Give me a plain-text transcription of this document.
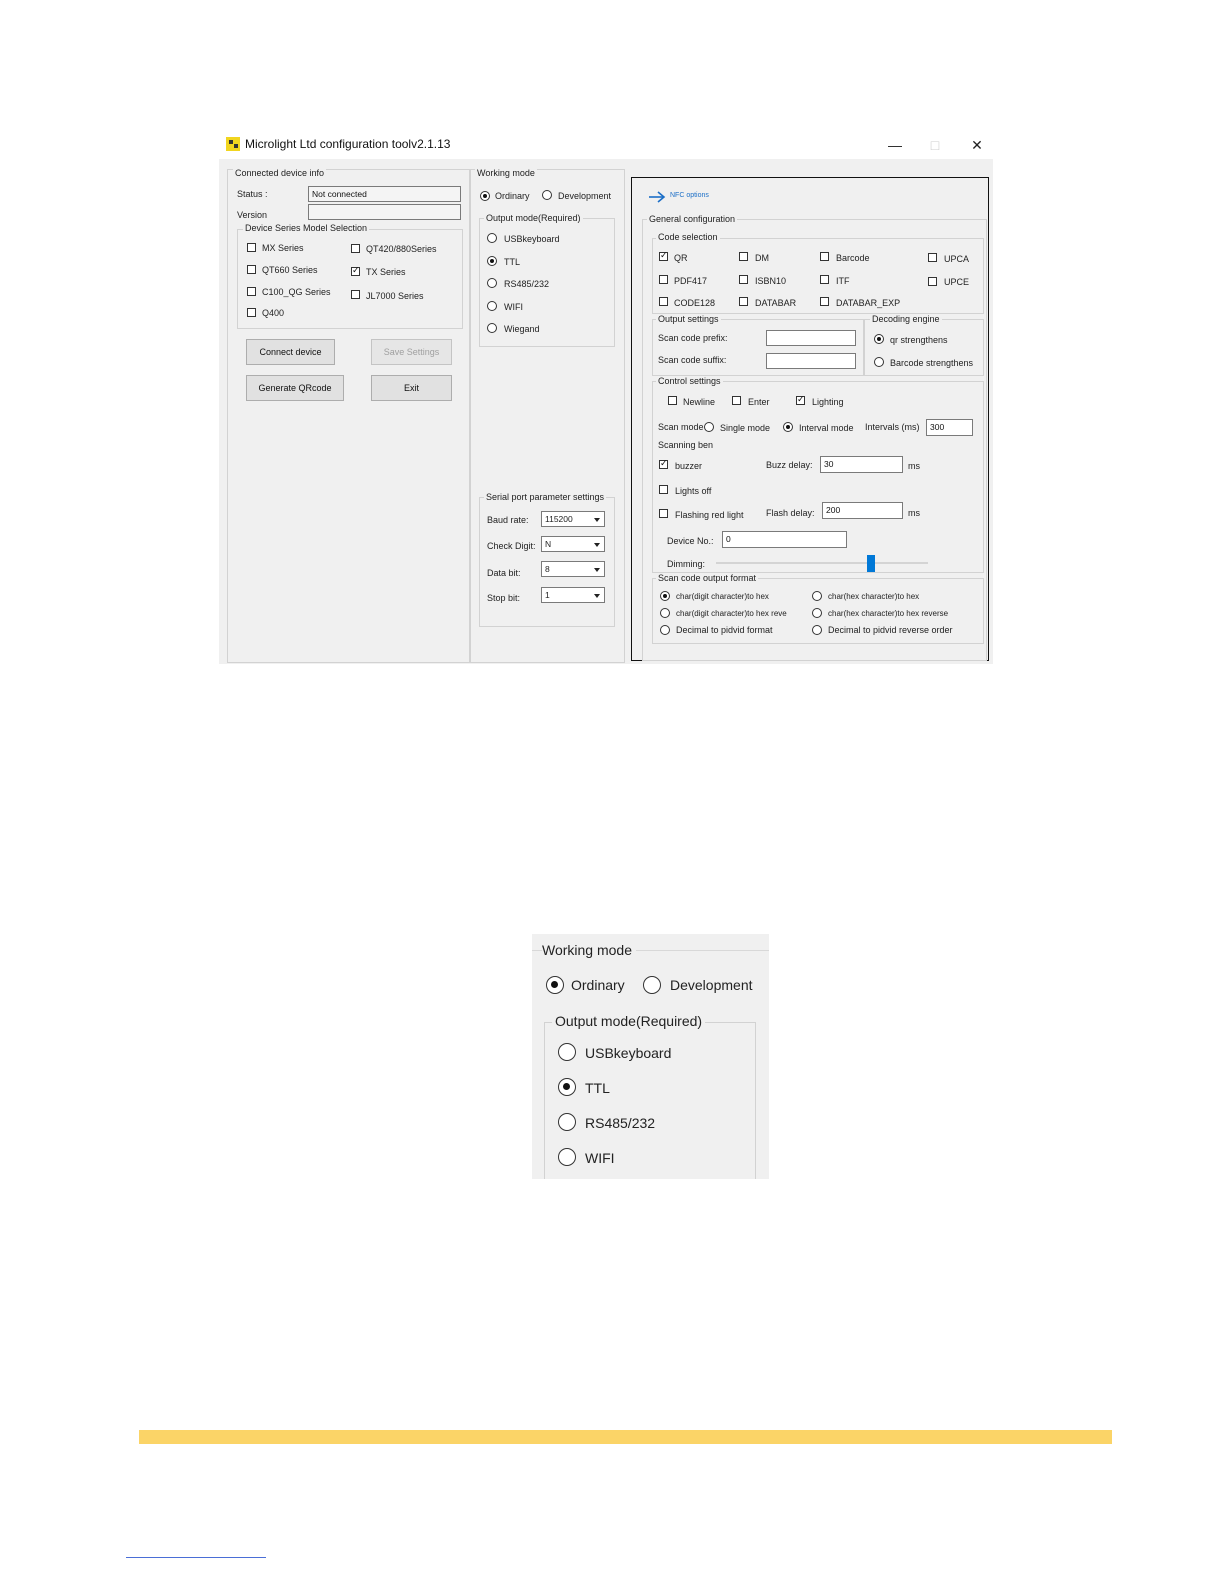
Microlight Ltd configuration toolv2.1.13	—	□	✕
Connected device info
Status :	Not connected
Version
Device Series Model Selection
MX Series	QT420/880Series
QT660 Series ✓	TX Series
C100_QG Series	JL7000 Series
Q400
Connect device	Save Settings
Generate QRcode	Exit
Working mode
Ordinary	Development
Output mode(Required)
USBkeyboard
TTL
RS485/232
WIFI
Wiegand
Serial port parameter settings
Baud rate:	115200
Check Digit:	N
Data bit:	8
Stop bit:	1
NFC options
General configuration
Code selection
✓
QR	DM	Barcode	UPCA
PDF417	ISBN10	ITF	UPCE
CODE128	DATABAR	DATABAR_EXP
Output settings
Scan code prefix:
Scan code suffix:
Decoding engine
qr strengthens
Barcode strengthens
Control settings
Newline	Enter ✓	Lighting
Scan mode Single mode	Interval mode Intervals (ms)	300
Scanning ben
✓
buzzer	Buzz delay:	30	ms
Lights off
Flashing red light Flash delay:	200	ms
Device No.:	0
Dimming:
Scan code output format
char(digit character)to hex	char(hex character)to hex
char(digit character)to hex reve	char(hex character)to hex reverse
Decimal to pidvid format	Decimal to pidvid reverse order
Working mode
Ordinary	Development
Output mode(Required)
USBkeyboard
TTL
RS485/232
WIFI
